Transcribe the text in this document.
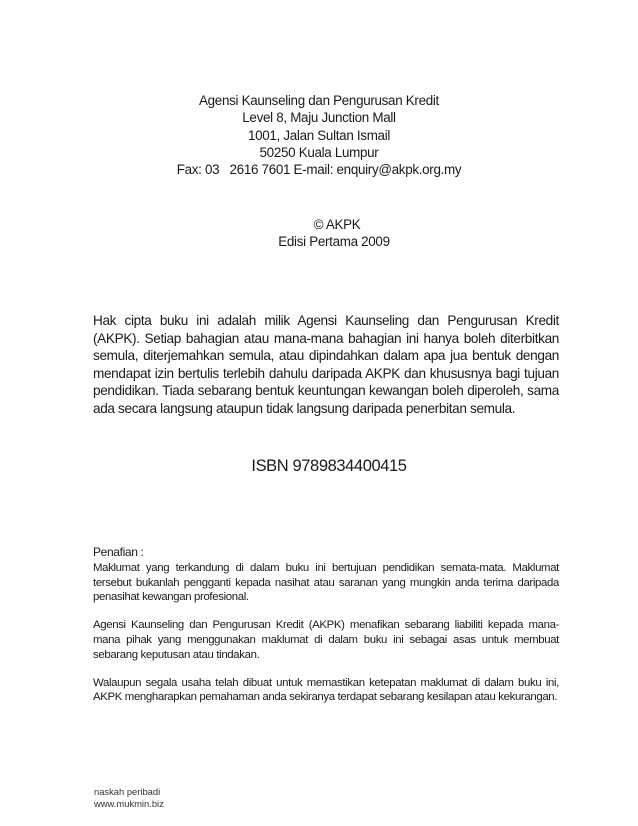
Agensi Kaunseling dan Pengurusan Kredit
Level 8, Maju Junction Mall
1001, Jalan Sultan Ismail
50250 Kuala Lumpur
Fax: 03   2616 7601 E-mail: enquiry@akpk.org.my
© AKPK
Edisi Pertama 2009
Hak cipta buku ini adalah milik Agensi Kaunseling dan Pengurusan Kredit (AKPK). Setiap bahagian atau mana-mana bahagian ini hanya boleh diterbitkan semula, diterjemahkan semula, atau dipindahkan dalam apa jua bentuk dengan mendapat izin bertulis terlebih dahulu daripada AKPK dan khususnya bagi tujuan pendidikan. Tiada sebarang bentuk keuntungan kewangan boleh diperoleh, sama ada secara langsung ataupun tidak langsung daripada penerbitan semula.
ISBN 9789834400415
Penafian :

Maklumat yang terkandung di dalam buku ini bertujuan pendidikan semata-mata. Maklumat tersebut bukanlah pengganti kepada nasihat atau saranan yang mungkin anda terima daripada penasihat kewangan profesional.

Agensi Kaunseling dan Pengurusan Kredit (AKPK) menafikan sebarang liabiliti kepada mana-mana pihak yang menggunakan maklumat di dalam buku ini sebagai asas untuk membuat sebarang keputusan atau tindakan.

Walaupun segala usaha telah dibuat untuk memastikan ketepatan maklumat di dalam buku ini, AKPK mengharapkan pemahaman anda sekiranya terdapat sebarang kesilapan atau kekurangan.

naskah peribadi
www.mukmin.biz
